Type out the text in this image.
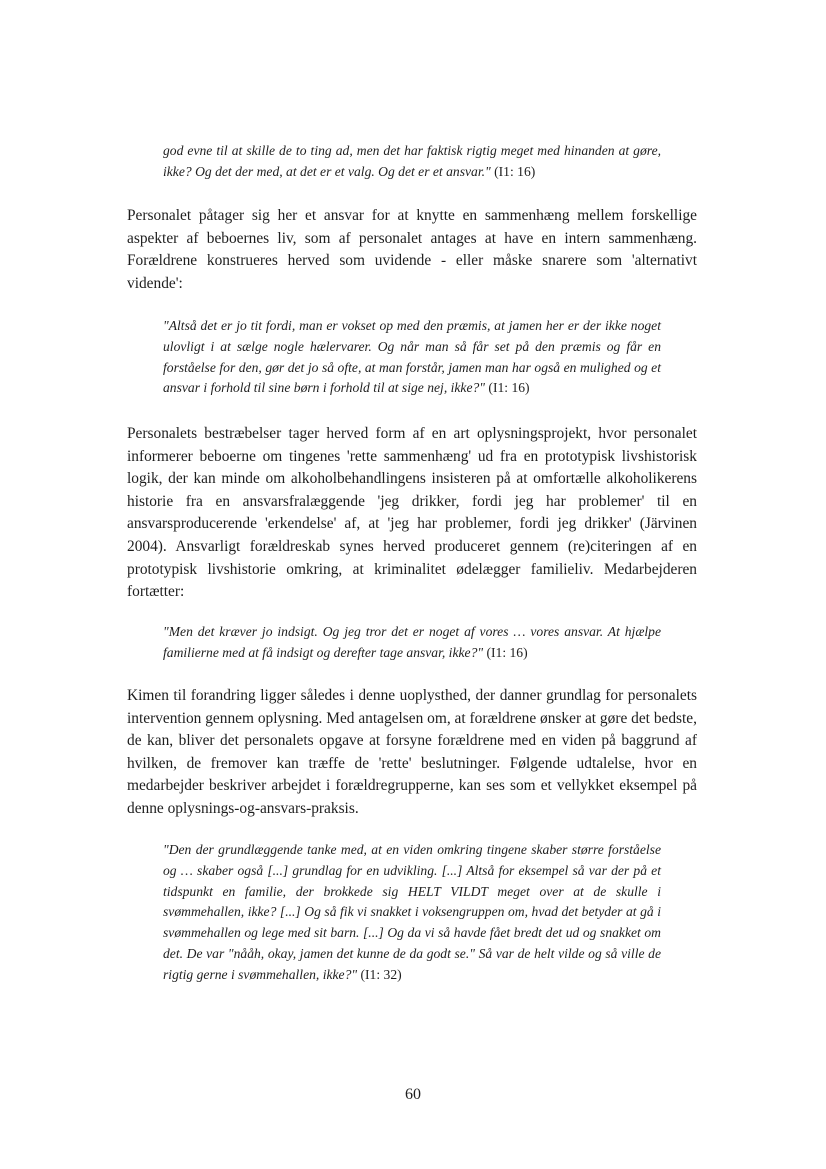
god evne til at skille de to ting ad, men det har faktisk rigtig meget med hinanden at gøre, ikke? Og det der med, at det er et valg. Og det er et ansvar." (I1: 16)

Personalet påtager sig her et ansvar for at knytte en sammenhæng mellem forskellige aspekter af beboernes liv, som af personalet antages at have en intern sammenhæng. Forældrene konstrueres herved som uvidende - eller måske snarere som 'alternativt vidende':

"Altså det er jo tit fordi, man er vokset op med den præmis, at jamen her er der ikke noget ulovligt i at sælge nogle hælervarer. Og når man så får set på den præmis og får en forståelse for den, gør det jo så ofte, at man forstår, jamen man har også en mulighed og et ansvar i forhold til sine børn i forhold til at sige nej, ikke?" (I1: 16)

Personalets bestræbelser tager herved form af en art oplysningsprojekt, hvor personalet informerer beboerne om tingenes 'rette sammenhæng' ud fra en prototypisk livshistorisk logik, der kan minde om alkoholbehandlingens insisteren på at omfortælle alkoholikerens historie fra en ansvarsfralæggende 'jeg drikker, fordi jeg har problemer' til en ansvarsproducerende 'erkendelse' af, at 'jeg har problemer, fordi jeg drikker' (Järvinen 2004). Ansvarligt forældreskab synes herved produceret gennem (re)citeringen af en prototypisk livshistorie omkring, at kriminalitet ødelægger familieliv. Medarbejderen fortætter:

"Men det kræver jo indsigt. Og jeg tror det er noget af vores … vores ansvar. At hjælpe familierne med at få indsigt og derefter tage ansvar, ikke?" (I1: 16)

Kimen til forandring ligger således i denne uoplysthed, der danner grundlag for personalets intervention gennem oplysning. Med antagelsen om, at forældrene ønsker at gøre det bedste, de kan, bliver det personalets opgave at forsyne forældrene med en viden på baggrund af hvilken, de fremover kan træffe de 'rette' beslutninger. Følgende udtalelse, hvor en medarbejder beskriver arbejdet i forældregrupperne, kan ses som et vellykket eksempel på denne oplysnings-og-ansvars-praksis.

"Den der grundlæggende tanke med, at en viden omkring tingene skaber større forståelse og … skaber også [...] grundlag for en udvikling. [...] Altså for eksempel så var der på et tidspunkt en familie, der brokkede sig HELT VILDT meget over at de skulle i svømmehallen, ikke? [...] Og så fik vi snakket i voksengruppen om, hvad det betyder at gå i svømmehallen og lege med sit barn. [...] Og da vi så havde fået bredt det ud og snakket om det. De var "nååh, okay, jamen det kunne de da godt se." Så var de helt vilde og så ville de rigtig gerne i svømmehallen, ikke?" (I1: 32)

60
